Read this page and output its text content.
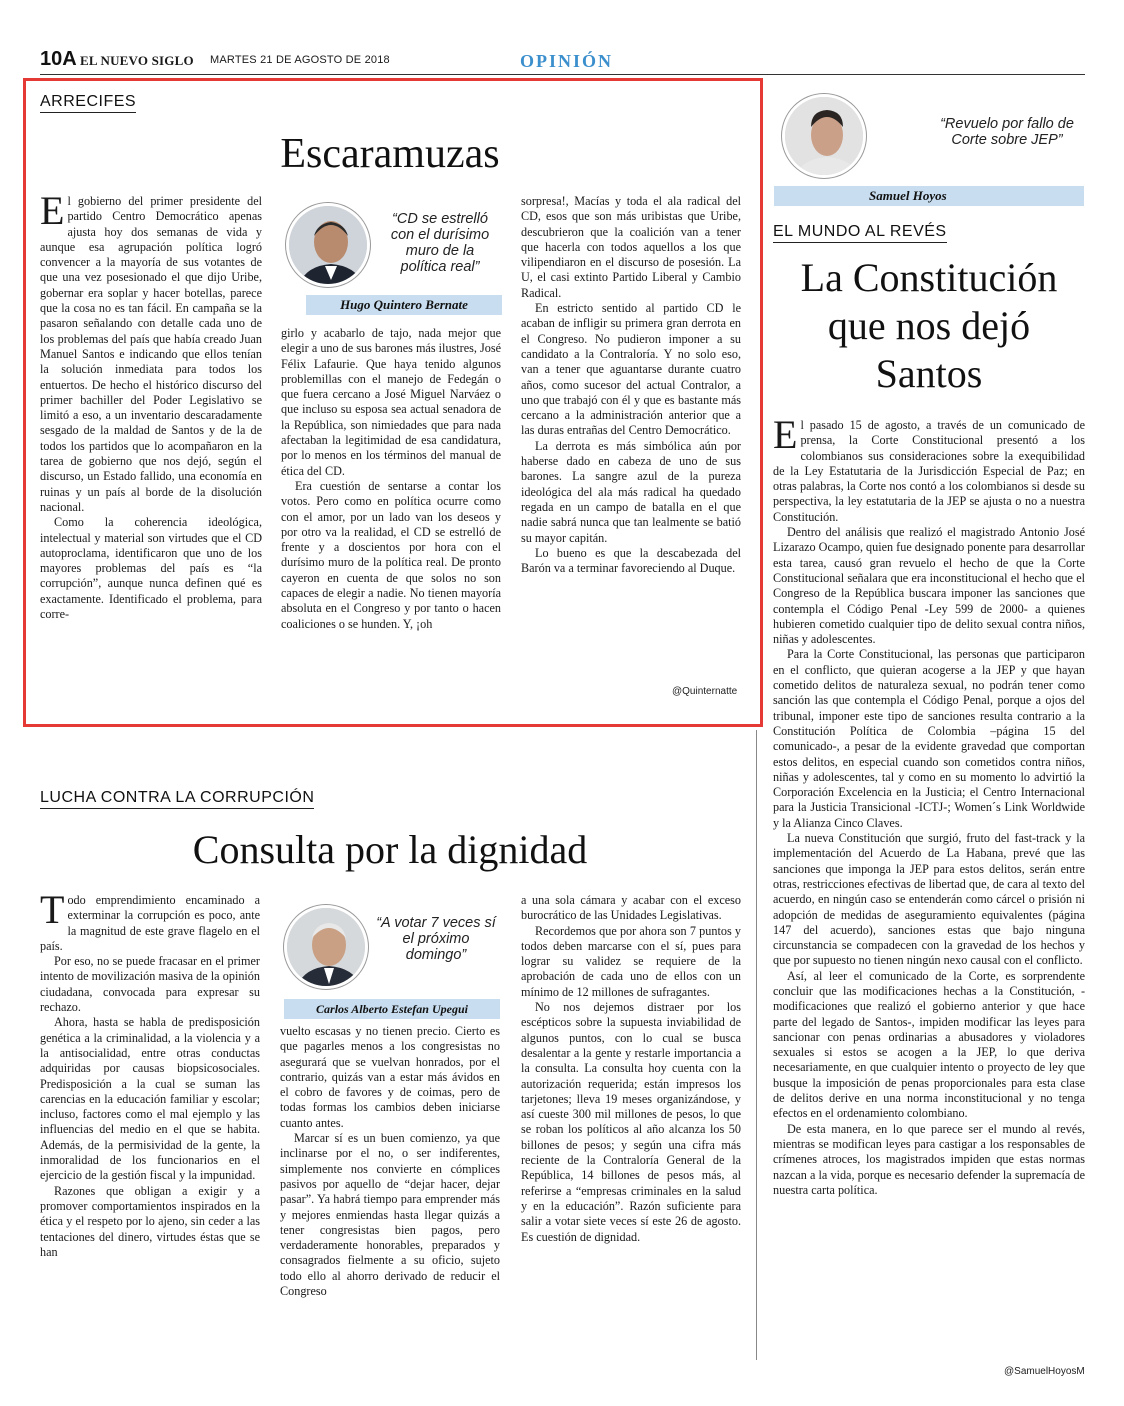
10A EL NUEVO SIGLO MARTES 21 DE AGOSTO DE 2018	OPINIÓN
ARRECIFES
Escaramuzas

El gobierno del primer presidente del partido Centro Democrático apenas ajusta hoy dos semanas de vida y aunque esa agrupación política logró convencer a la mayoría de sus votantes de que una vez posesionado el que dijo Uribe, gobernar era soplar y hacer botellas, parece que la cosa no es tan fácil. En campaña se la pasaron señalando con detalle cada uno de los problemas del país que había creado Juan Manuel Santos e indicando que ellos tenían la solución inmediata para todos los entuertos. De hecho el histórico discurso del primer bachiller del Poder Legislativo se limitó a eso, a un inventario descaradamente sesgado de la maldad de Santos y de la de todos los partidos que lo acompañaron en la tarea de gobierno que nos dejó, según el discurso, un Estado fallido, una economía en ruinas y un país al borde de la disolución nacional.

Como la coherencia ideológica, intelectual y material son virtudes que el CD autoproclama, identificaron que uno de los mayores problemas del país es “la corrupción”, aunque nunca definen qué es exactamente. Identificado el problema, para corre-

“CD se estrelló con el durísimo muro de la política real”
Hugo Quintero Bernate

girlo y acabarlo de tajo, nada mejor que elegir a uno de sus barones más ilustres, José Félix Lafaurie. Que haya tenido algunos problemillas con el manejo de Fedegán o que fuera cercano a José Miguel Narváez o que incluso su esposa sea actual senadora de la República, son nimiedades que para nada afectaban la legitimidad de esa candidatura, por lo menos en los términos del manual de ética del CD.

Era cuestión de sentarse a contar los votos. Pero como en política ocurre como con el amor, por un lado van los deseos y por otro va la realidad, el CD se estrelló de frente y a doscientos por hora con el durísimo muro de la política real. De pronto cayeron en cuenta de que solos no son capaces de elegir a nadie. No tienen mayoría absoluta en el Congreso y por tanto o hacen coaliciones o se hunden. Y, ¡oh

sorpresa!, Macías y toda el ala radical del CD, esos que son más uribistas que Uribe, descubrieron que la coalición van a tener que hacerla con todos aquellos a los que vilipendiaron en el discurso de posesión. La U, el casi extinto Partido Liberal y Cambio Radical.

En estricto sentido al partido CD le acaban de infligir su primera gran derrota en el Congreso. No pudieron imponer a su candidato a la Contraloría. Y no solo eso, van a tener que aguantarse durante cuatro años, como sucesor del actual Contralor, a uno que trabajó con él y que es bastante más cercano a la administración anterior que a las duras entrañas del Centro Democrático.

La derrota es más simbólica aún por haberse dado en cabeza de uno de sus barones. La sangre azul de la pureza ideológica del ala más radical ha quedado regada en un campo de batalla en el que nadie sabrá nunca que tan lealmente se batió su mayor capitán.

Lo bueno es que la descabezada del Barón va a terminar favoreciendo al Duque.

@Quinternatte
LUCHA CONTRA LA CORRUPCIÓN
Consulta por la dignidad

Todo emprendimiento encaminado a exterminar la corrupción es poco, ante la magnitud de este grave flagelo en el país.

Por eso, no se puede fracasar en el primer intento de movilización masiva de la opinión ciudadana, convocada para expresar su rechazo.

Ahora, hasta se habla de predisposición genética a la criminalidad, a la violencia y a la antisocialidad, entre otras conductas adquiridas por causas biopsicosociales. Predisposición a la cual se suman las carencias en la educación familiar y escolar; incluso, factores como el mal ejemplo y las influencias del medio en el que se habita. Además, de la permisividad de la gente, la inmoralidad de los funcionarios en el ejercicio de la gestión fiscal y la impunidad.

Razones que obligan a exigir y a promover comportamientos inspirados en la ética y el respeto por lo ajeno, sin ceder a las tentaciones del dinero, virtudes éstas que se han

“A votar 7 veces sí el próximo domingo”
Carlos Alberto Estefan Upegui

vuelto escasas y no tienen precio. Cierto es que pagarles menos a los congresistas no asegurará que se vuelvan honrados, por el contrario, quizás van a estar más ávidos en el cobro de favores y de coimas, pero de todas formas los cambios deben iniciarse cuanto antes.

Marcar sí es un buen comienzo, ya que inclinarse por el no, o ser indiferentes, simplemente nos convierte en cómplices pasivos por aquello de “dejar hacer, dejar pasar”. Ya habrá tiempo para emprender más y mejores enmiendas hasta llegar quizás a tener congresistas bien pagos, pero verdaderamente honorables, preparados y consagrados fielmente a su oficio, sujeto todo ello al ahorro derivado de reducir el Congreso

a una sola cámara y acabar con el exceso burocrático de las Unidades Legislativas.

Recordemos que por ahora son 7 puntos y todos deben marcarse con el sí, pues para lograr su validez se requiere de la aprobación de cada uno de ellos con un mínimo de 12 millones de sufragantes.

No nos dejemos distraer por los escépticos sobre la supuesta inviabilidad de algunos puntos, con lo cual se busca desalentar a la gente y restarle importancia a la consulta. La consulta hoy cuenta con la autorización requerida; están impresos los tarjetones; lleva 19 meses organizándose, y así cueste 300 mil millones de pesos, lo que se roban los políticos al año alcanza los 50 billones de pesos; y según una cifra más reciente de la Contraloría General de la República, 14 billones de pesos más, al referirse a “empresas criminales en la salud y en la educación”. Razón suficiente para salir a votar siete veces sí este 26 de agosto. Es cuestión de dignidad.

“Revuelo por fallo de Corte sobre JEP”
Samuel Hoyos
EL MUNDO AL REVÉS
La Constitución que nos dejó Santos

El pasado 15 de agosto, a través de un comunicado de prensa, la Corte Constitucional presentó a los colombianos sus consideraciones sobre la exequibilidad de la Ley Estatutaria de la Jurisdicción Especial de Paz; en otras palabras, la Corte nos contó a los colombianos si desde su perspectiva, la ley estatutaria de la JEP se ajusta o no a nuestra Constitución.

Dentro del análisis que realizó el magistrado Antonio José Lizarazo Ocampo, quien fue designado ponente para desarrollar esta tarea, causó gran revuelo el hecho de que la Corte Constitucional señalara que era inconstitucional el hecho que el Congreso de la República buscara imponer las sanciones que contempla el Código Penal -Ley 599 de 2000- a quienes hubieren cometido cualquier tipo de delito sexual contra niños, niñas y adolescentes.

Para la Corte Constitucional, las personas que participaron en el conflicto, que quieran acogerse a la JEP y que hayan cometido delitos de naturaleza sexual, no podrán tener como sanción las que contempla el Código Penal, porque a ojos del tribunal, imponer este tipo de sanciones resulta contrario a la Constitución Política de Colombia –página 15 del comunicado-, a pesar de la evidente gravedad que comportan estos delitos, en especial cuando son cometidos contra niños, niñas y adolescentes, tal y como en su momento lo advirtió la Corporación Excelencia en la Justicia; el Centro Internacional para la Justicia Transicional -ICTJ-; Women´s Link Worldwide y la Alianza Cinco Claves.

La nueva Constitución que surgió, fruto del fast-track y la implementación del Acuerdo de La Habana, prevé que las sanciones que imponga la JEP para estos delitos, serán entre otras, restricciones efectivas de libertad que, de cara al texto del acuerdo, en ningún caso se entenderán como cárcel o prisión ni adopción de medidas de aseguramiento equivalentes (página 147 del acuerdo), sanciones estas que bajo ninguna circunstancia se compadecen con la gravedad de los hechos y que por supuesto no tienen ningún nexo causal con el conflicto.

Así, al leer el comunicado de la Corte, es sorprendente concluir que las modificaciones hechas a la Constitución, -modificaciones que realizó el gobierno anterior y que hace parte del legado de Santos-, impiden modificar las leyes para sancionar con penas ordinarias a abusadores y violadores sexuales si estos se acogen a la JEP, lo que deriva necesariamente, en que cualquier intento o proyecto de ley que busque la imposición de penas proporcionales para esta clase de delitos derive en una norma inconstitucional y no tenga efectos en el ordenamiento colombiano.

De esta manera, en lo que parece ser el mundo al revés, mientras se modifican leyes para castigar a los responsables de crímenes atroces, los magistrados impiden que estas normas nazcan a la vida, porque es necesario defender la supremacía de nuestra carta política.

@SamuelHoyosM
